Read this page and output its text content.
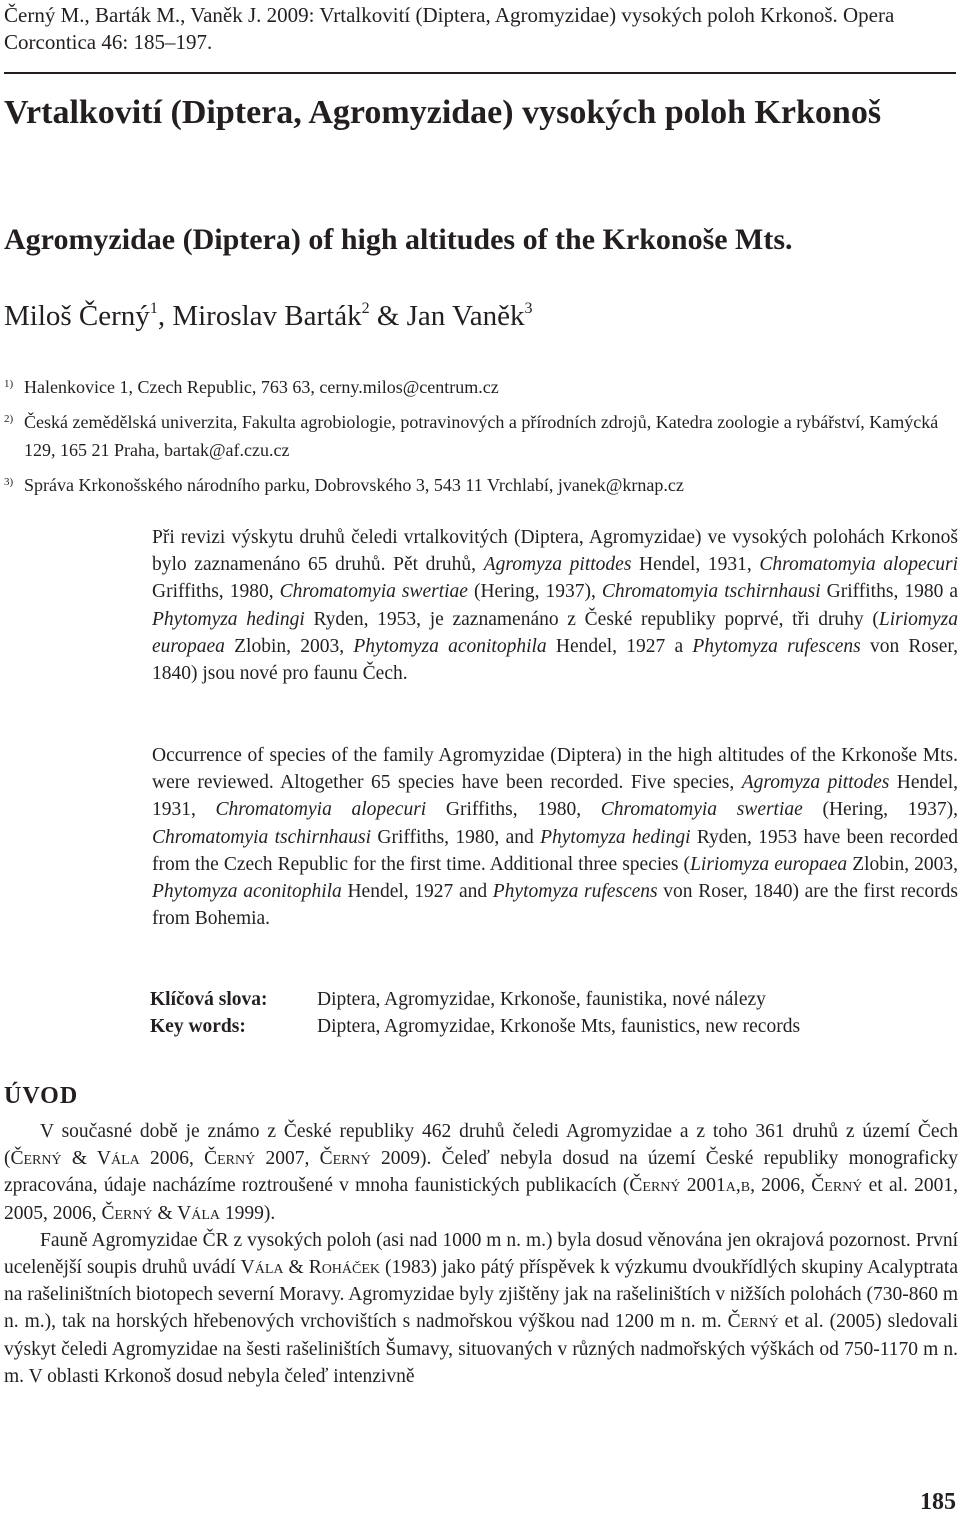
Černý M., Barták M., Vaněk J. 2009: Vrtalkovití (Diptera, Agromyzidae) vysokých poloh Krkonoš. Opera Corcontica 46: 185–197.
Vrtalkovití (Diptera, Agromyzidae) vysokých poloh Krkonoš
Agromyzidae (Diptera) of high altitudes of the Krkonoše Mts.
Miloš Černý$^1$, Miroslav Barták$^2$ & Jan Vaněk$^3$
1) Halenkovice 1, Czech Republic, 763 63, cerny.milos@centrum.cz
2) Česká zemědělská univerzita, Fakulta agrobiologie, potravinových a přírodních zdrojů, Katedra zoologie a rybářství, Kamýcká 129, 165 21 Praha, bartak@af.czu.cz
3) Správa Krkonošského národního parku, Dobrovského 3, 543 11 Vrchlabí, jvanek@krnap.cz

Při revizi výskytu druhů čeledi vrtalkovitých (Diptera, Agromyzidae) ve vysokých polohách Krkonoš bylo zaznamenáno 65 druhů. Pět druhů, Agromyza pittodes Hendel, 1931, Chromatomyia alopecuri Griffiths, 1980, Chromatomyia swertiae (Hering, 1937), Chromatomyia tschirnhausi Griffiths, 1980 a Phytomyza hedingi Ryden, 1953, je zaznamenáno z České republiky poprvé, tři druhy (Liriomyza europaea Zlobin, 2003, Phytomyza aconitophila Hendel, 1927 a Phytomyza rufescens von Roser, 1840) jsou nové pro faunu Čech.

Occurrence of species of the family Agromyzidae (Diptera) in the high altitudes of the Krkonoše Mts. were reviewed. Altogether 65 species have been recorded. Five species, Agromyza pittodes Hendel, 1931, Chromatomyia alopecuri Griffiths, 1980, Chromatomyia swertiae (Hering, 1937), Chromatomyia tschirnhausi Griffiths, 1980, and Phytomyza hedingi Ryden, 1953 have been recorded from the Czech Republic for the first time. Additional three species (Liriomyza europaea Zlobin, 2003, Phytomyza aconitophila Hendel, 1927 and Phytomyza rufescens von Roser, 1840) are the first records from Bohemia.

Klíčová slova:	Diptera, Agromyzidae, Krkonoše, faunistika, nové nálezy
Key words:	Diptera, Agromyzidae, Krkonoše Mts, faunistics, new records
ÚVOD

V současné době je známo z České republiky 462 druhů čeledi Agromyzidae a z toho 361 druhů z území Čech (Černý & Vála 2006, Černý 2007, Černý 2009). Čeleď nebyla dosud na území České republiky monograficky zpracována, údaje nacházíme roztroušené v mnoha faunistických publikacích (Černý 2001a,b, 2006, Černý et al. 2001, 2005, 2006, Černý & Vála 1999).

Fauně Agromyzidae ČR z vysokých poloh (asi nad 1000 m n. m.) byla dosud věnována jen okrajová pozornost. První ucelenější soupis druhů uvádí Vála & Roháček (1983) jako pátý příspěvek k výzkumu dvoukřídlých skupiny Acalyptrata na rašeliništních biotopech severní Moravy. Agromyzidae byly zjištěny jak na rašeliništích v nižších polohách (730-860 m n. m.), tak na horských hřebenových vrchovištích s nadmořskou výškou nad 1200 m n. m. Černý et al. (2005) sledovali výskyt čeledi Agromyzidae na šesti rašeliništích Šumavy, situovaných v různých nadmořských výškách od 750-1170 m n. m. V oblasti Krkonoš dosud nebyla čeleď intenzivně

185
